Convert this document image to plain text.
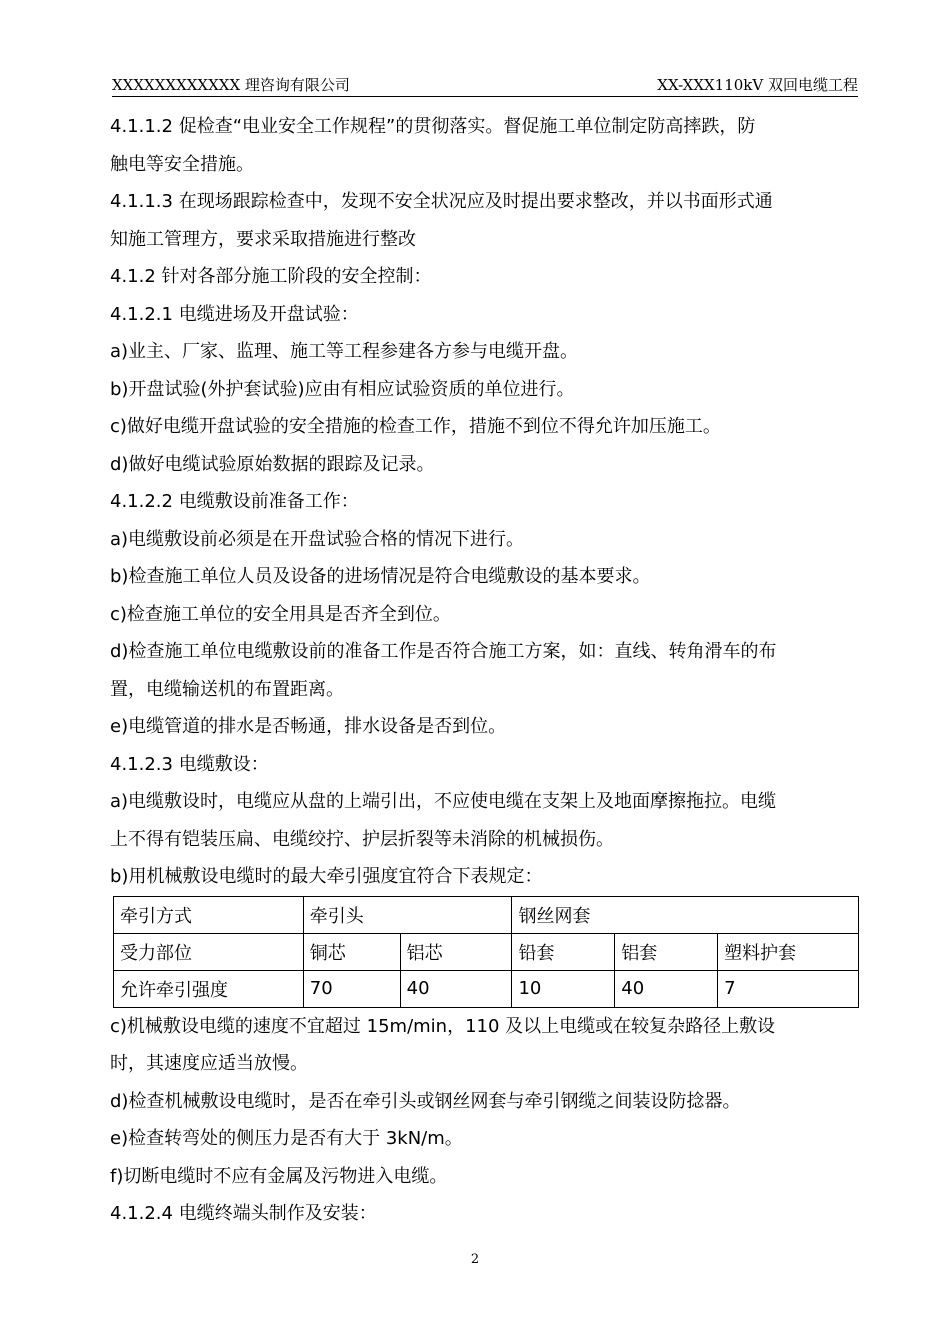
XXXXXXXXXXXX 理咨询有限公司	XX-XXX110kV 双回电缆工程
4.1.1.2 促检查“电业安全工作规程”的贯彻落实。督促施工单位制定防高摔跌，防
触电等安全措施。
4.1.1.3 在现场跟踪检查中，发现不安全状况应及时提出要求整改，并以书面形式通
知施工管理方，要求采取措施进行整改
4.1.2 针对各部分施工阶段的安全控制：
4.1.2.1 电缆进场及开盘试验：
a)业主、厂家、监理、施工等工程参建各方参与电缆开盘。
b)开盘试验(外护套试验)应由有相应试验资质的单位进行。
c)做好电缆开盘试验的安全措施的检查工作，措施不到位不得允许加压施工。
d)做好电缆试验原始数据的跟踪及记录。
4.1.2.2 电缆敷设前准备工作：
a)电缆敷设前必须是在开盘试验合格的情况下进行。
b)检查施工单位人员及设备的进场情况是符合电缆敷设的基本要求。
c)检查施工单位的安全用具是否齐全到位。
d)检查施工单位电缆敷设前的准备工作是否符合施工方案，如：直线、转角滑车的布
置，电缆输送机的布置距离。
e)电缆管道的排水是否畅通，排水设备是否到位。
4.1.2.3 电缆敷设：
a)电缆敷设时，电缆应从盘的上端引出，不应使电缆在支架上及地面摩擦拖拉。电缆
上不得有铠装压扁、电缆绞拧、护层折裂等未消除的机械损伤。
b)用机械敷设电缆时的最大牵引强度宜符合下表规定：
牵引方式	牵引头		钢丝网套		
受力部位	铜芯	铝芯	铅套	铝套	塑料护套
允许牵引强度	70	40	10	40	7
c)机械敷设电缆的速度不宜超过 15m/min，110 及以上电缆或在较复杂路径上敷设
时，其速度应适当放慢。
d)检查机械敷设电缆时，是否在牵引头或钢丝网套与牵引钢缆之间装设防捻器。
e)检查转弯处的侧压力是否有大于 3kN/m。
f)切断电缆时不应有金属及污物进入电缆。
4.1.2.4 电缆终端头制作及安装：
2
